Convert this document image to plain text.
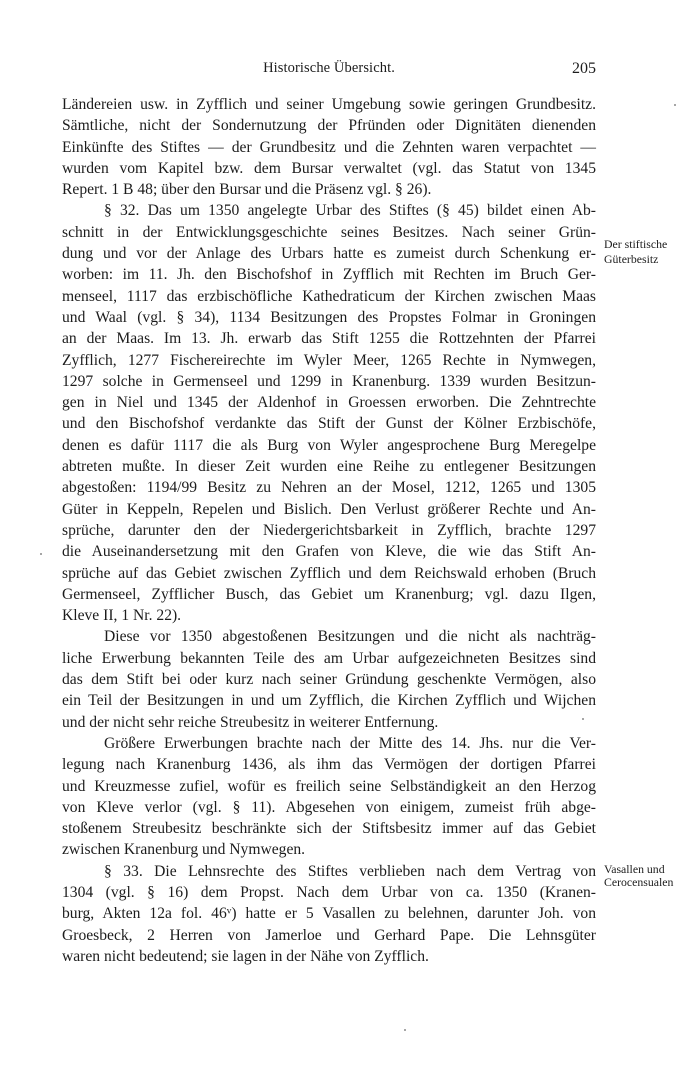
Historische Übersicht.	205
Ländereien usw. in Zyfflich und seiner Umgebung sowie geringen Grundbesitz.
Sämtliche, nicht der Sondernutzung der Pfründen oder Dignitäten dienenden
Einkünfte des Stiftes — der Grundbesitz und die Zehnten waren verpachtet —
wurden vom Kapitel bzw. dem Bursar verwaltet (vgl. das Statut von 1345
Repert. 1 B 48; über den Bursar und die Präsenz vgl. § 26).
§ 32. Das um 1350 angelegte Urbar des Stiftes (§ 45) bildet einen Ab-
schnitt in der Entwicklungsgeschichte seines Besitzes. Nach seiner Grün-
dung und vor der Anlage des Urbars hatte es zumeist durch Schenkung er-
worben: im 11. Jh. den Bischofshof in Zyfflich mit Rechten im Bruch Ger-
menseel, 1117 das erzbischöfliche Kathedraticum der Kirchen zwischen Maas
und Waal (vgl. § 34), 1134 Besitzungen des Propstes Folmar in Groningen
an der Maas. Im 13. Jh. erwarb das Stift 1255 die Rottzehnten der Pfarrei
Zyfflich, 1277 Fischereirechte im Wyler Meer, 1265 Rechte in Nymwegen,
1297 solche in Germenseel und 1299 in Kranenburg. 1339 wurden Besitzun-
gen in Niel und 1345 der Aldenhof in Groessen erworben. Die Zehntrechte
und den Bischofshof verdankte das Stift der Gunst der Kölner Erzbischöfe,
denen es dafür 1117 die als Burg von Wyler angesprochene Burg Meregelpe
abtreten mußte. In dieser Zeit wurden eine Reihe zu entlegener Besitzungen
abgestoßen: 1194/99 Besitz zu Nehren an der Mosel, 1212, 1265 und 1305
Güter in Keppeln, Repelen und Bislich. Den Verlust größerer Rechte und An-
sprüche, darunter den der Niedergerichtsbarkeit in Zyfflich, brachte 1297
die Auseinandersetzung mit den Grafen von Kleve, die wie das Stift An-
sprüche auf das Gebiet zwischen Zyfflich und dem Reichswald erhoben (Bruch
Germenseel, Zyfflicher Busch, das Gebiet um Kranenburg; vgl. dazu Ilgen,
Kleve II, 1 Nr. 22).
Diese vor 1350 abgestoßenen Besitzungen und die nicht als nachträg-
liche Erwerbung bekannten Teile des am Urbar aufgezeichneten Besitzes sind
das dem Stift bei oder kurz nach seiner Gründung geschenkte Vermögen, also
ein Teil der Besitzungen in und um Zyfflich, die Kirchen Zyfflich und Wijchen
und der nicht sehr reiche Streubesitz in weiterer Entfernung.
Größere Erwerbungen brachte nach der Mitte des 14. Jhs. nur die Ver-
legung nach Kranenburg 1436, als ihm das Vermögen der dortigen Pfarrei
und Kreuzmesse zufiel, wofür es freilich seine Selbständigkeit an den Herzog
von Kleve verlor (vgl. § 11). Abgesehen von einigem, zumeist früh abge-
stoßenem Streubesitz beschränkte sich der Stiftsbesitz immer auf das Gebiet
zwischen Kranenburg und Nymwegen.
§ 33. Die Lehnsrechte des Stiftes verblieben nach dem Vertrag von
1304 (vgl. § 16) dem Propst. Nach dem Urbar von ca. 1350 (Kranen-
burg, Akten 12a fol. 46ᵛ) hatte er 5 Vasallen zu belehnen, darunter Joh. von
Groesbeck, 2 Herren von Jamerloe und Gerhard Pape. Die Lehnsgüter
waren nicht bedeutend; sie lagen in der Nähe von Zyfflich.
Der stiftische
Güterbesitz
Vasallen und
Cerocensualen
